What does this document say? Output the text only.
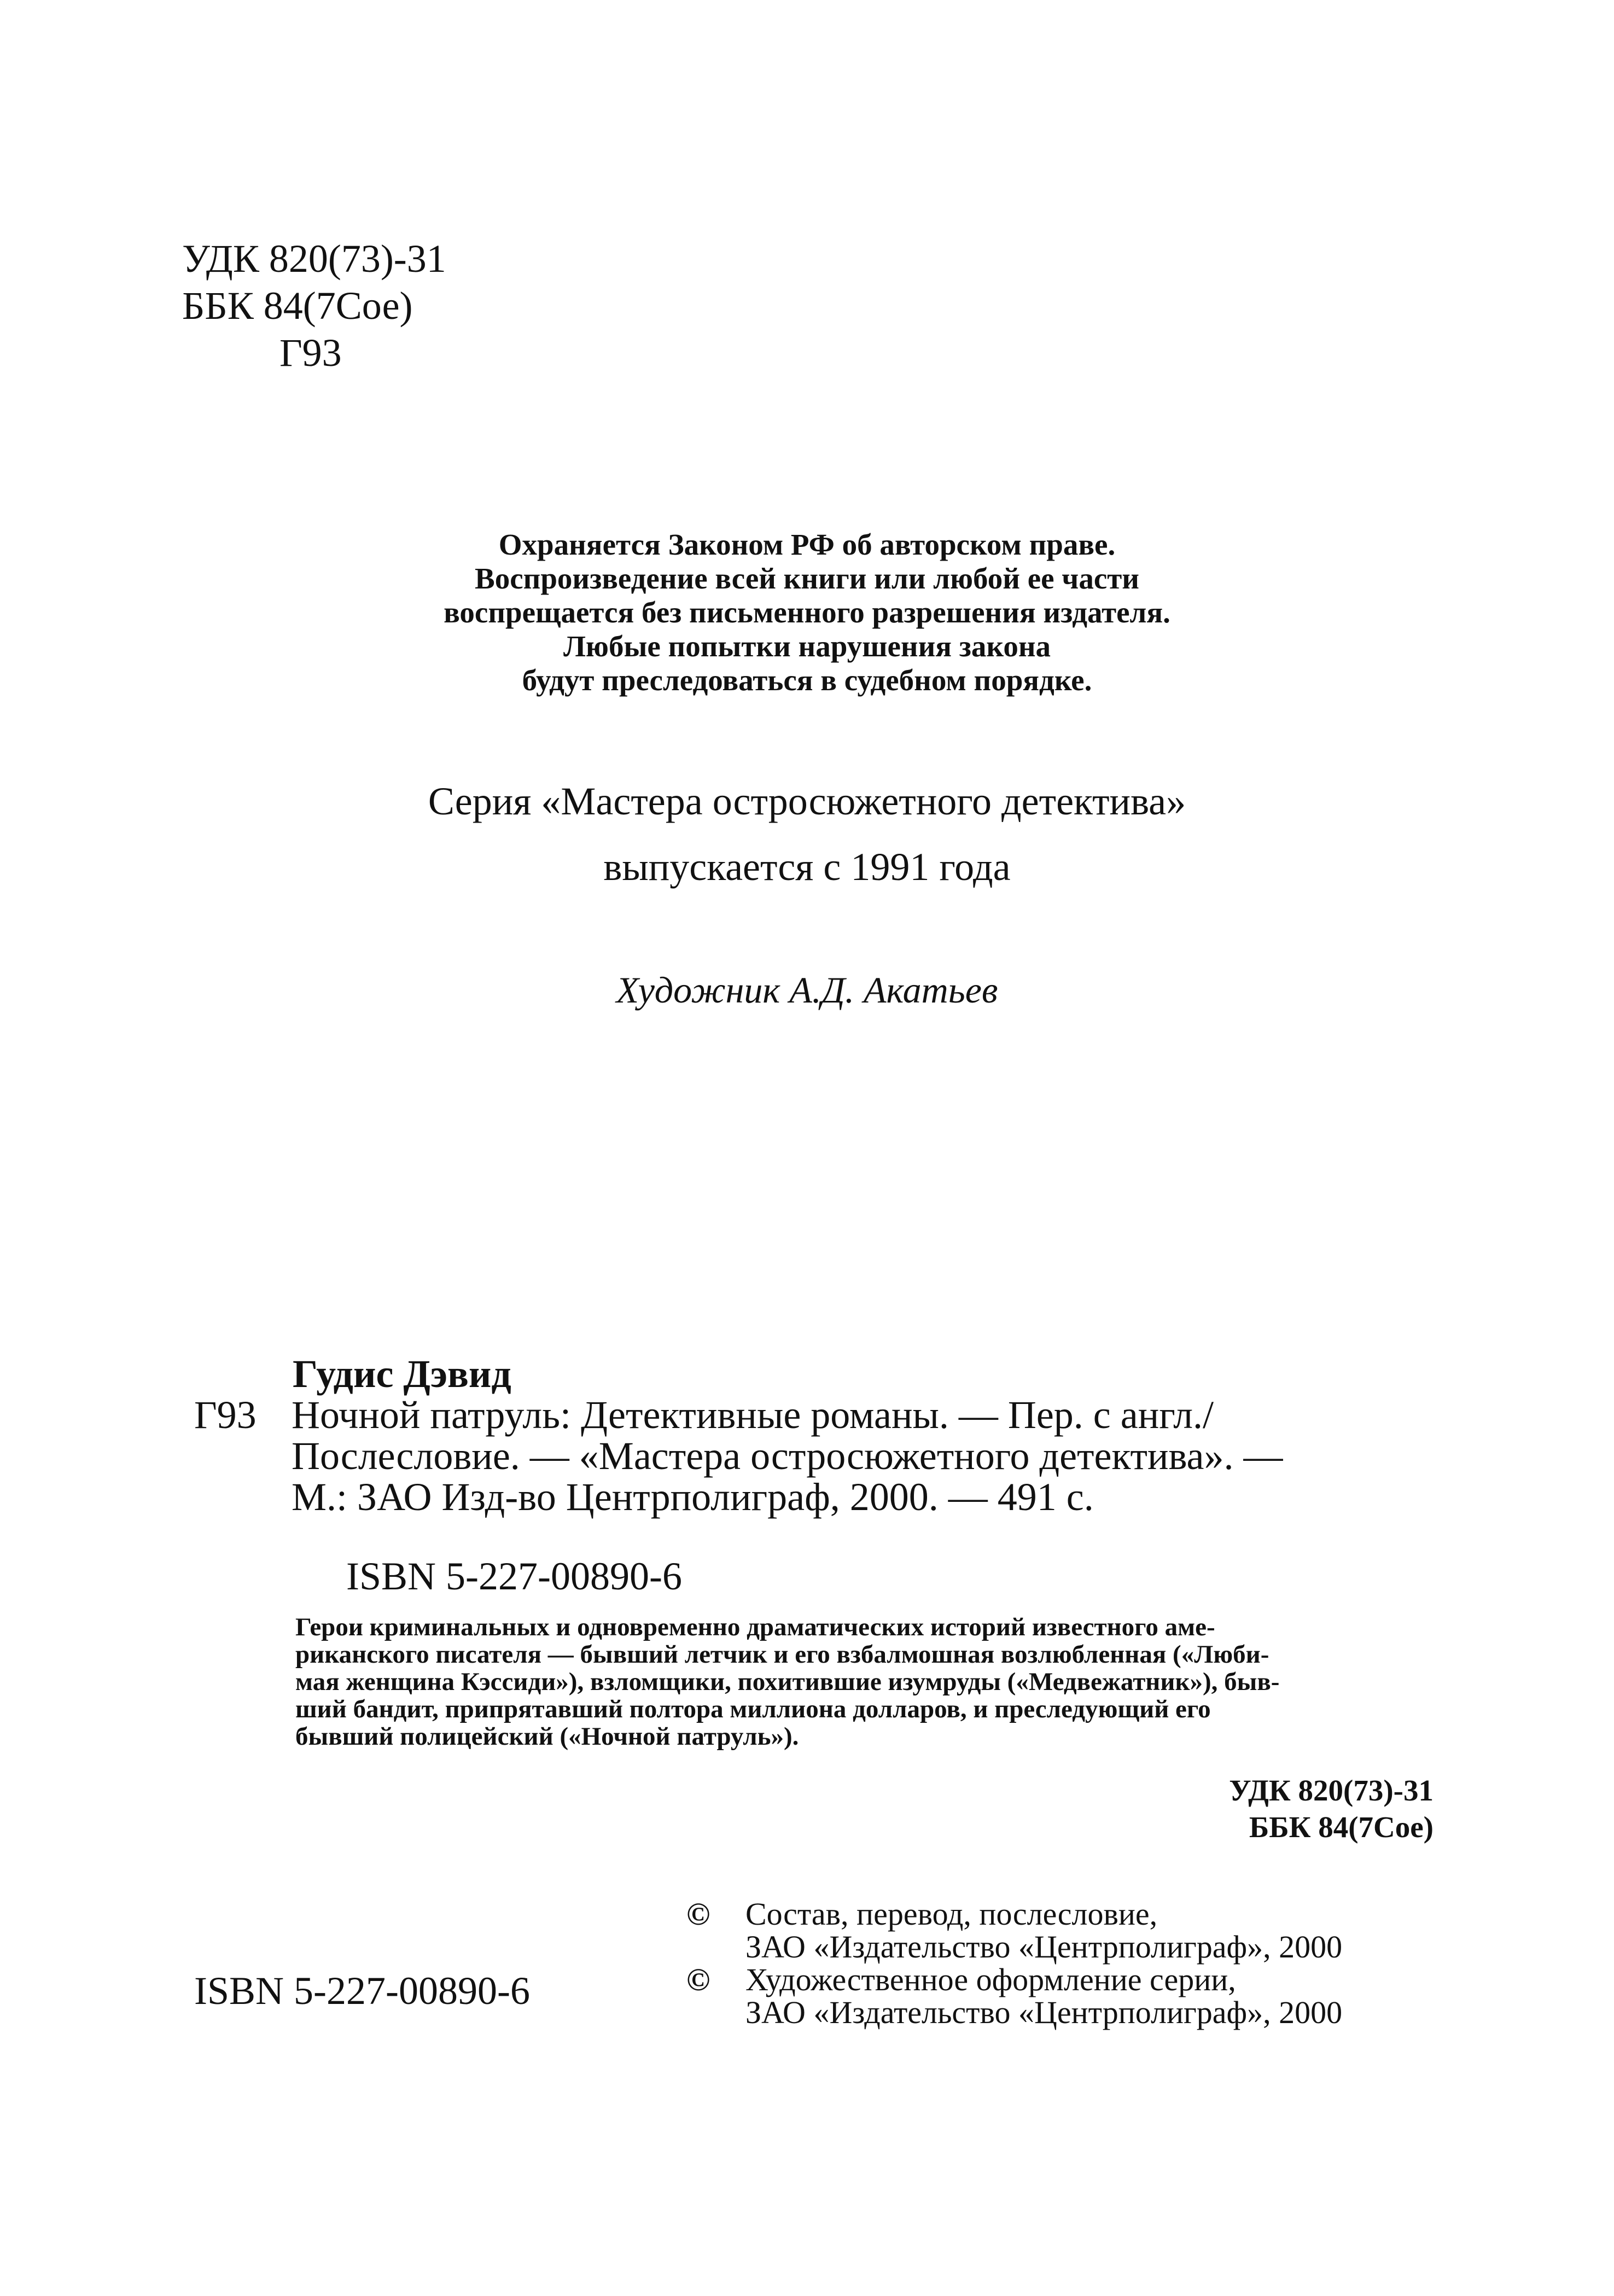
УДК 820(73)-31
ББК 84(7Сое)
Г93
Охраняется Законом РФ об авторском праве.
Воспроизведение всей книги или любой ее части
воспрещается без письменного разрешения издателя.
Любые попытки нарушения закона
будут преследоваться в судебном порядке.
Серия «Мастера остросюжетного детектива»
выпускается с 1991 года
Художник А.Д. Акатьев
Гудис Дэвид
Г93 Ночной патруль: Детективные романы. — Пер. с англ./
Послесловие. — «Мастера остросюжетного детектива». —
М.: ЗАО Изд-во Центрполиграф, 2000. — 491 с.
ISBN 5-227-00890-6
Герои криминальных и одновременно драматических историй известного аме-
риканского писателя — бывший летчик и его взбалмошная возлюбленная («Люби-
мая женщина Кэссиди»), взломщики, похитившие изумруды («Медвежатник»), быв-
ший бандит, припрятавший полтора миллиона долларов, и преследующий его
бывший полицейский («Ночной патруль»).
УДК 820(73)-31
ББК 84(7Сое)
ISBN 5-227-00890-6
© Состав, перевод, послесловие,
ЗАО «Издательство «Центрполиграф», 2000
© Художественное оформление серии,
ЗАО «Издательство «Центрполиграф», 2000
